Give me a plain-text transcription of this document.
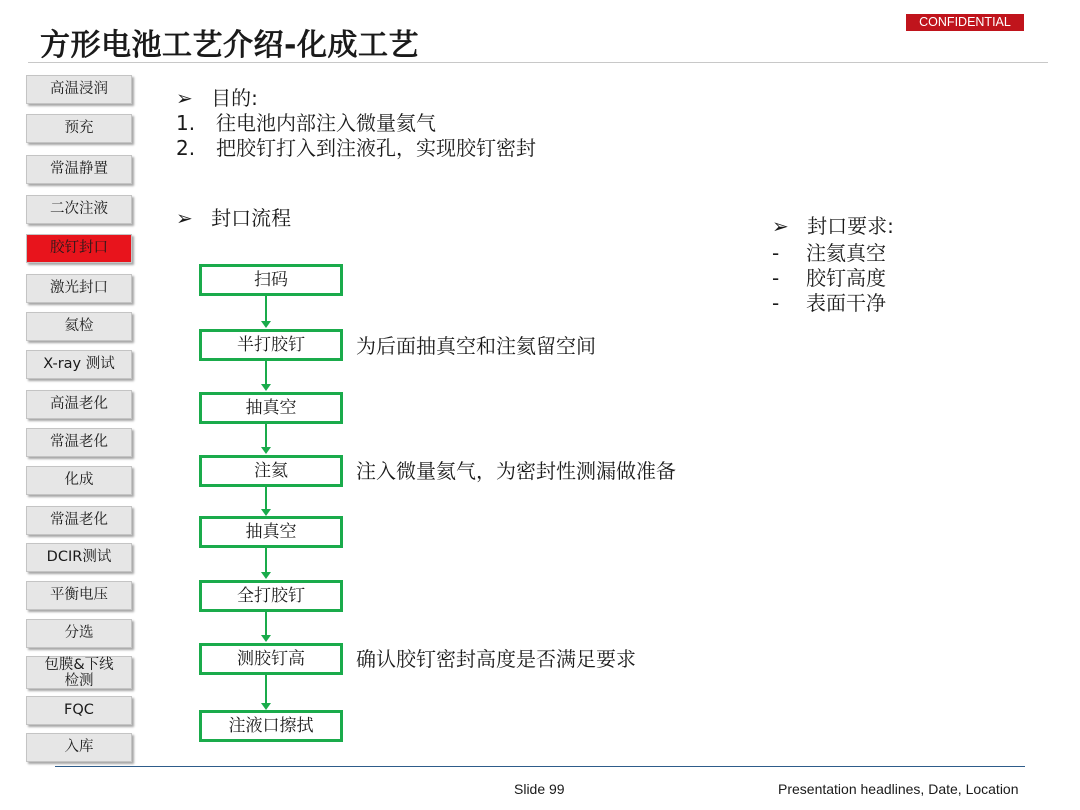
方形电池工艺介绍-化成工艺
CONFIDENTIAL
高温浸润
预充
常温静置
二次注液
胶钉封口
激光封口
氦检
X-ray 测试
高温老化
常温老化
化成
常温老化
DCIR测试
平衡电压
分选
包膜&下线
检测
FQC
入库
➢ 目的:
1. 往电池内部注入微量氦气
2. 把胶钉打入到注液孔，实现胶钉密封
➢ 封口流程	➢ 封口要求:
- 注氦真空
- 胶钉高度
- 表面干净
扫码
半打胶钉
抽真空
注氦
抽真空
全打胶钉
测胶钉高
注液口擦拭
为后面抽真空和注氦留空间
注入微量氦气，为密封性测漏做准备
确认胶钉密封高度是否满足要求
Slide 99	Presentation headlines, Date, Location
